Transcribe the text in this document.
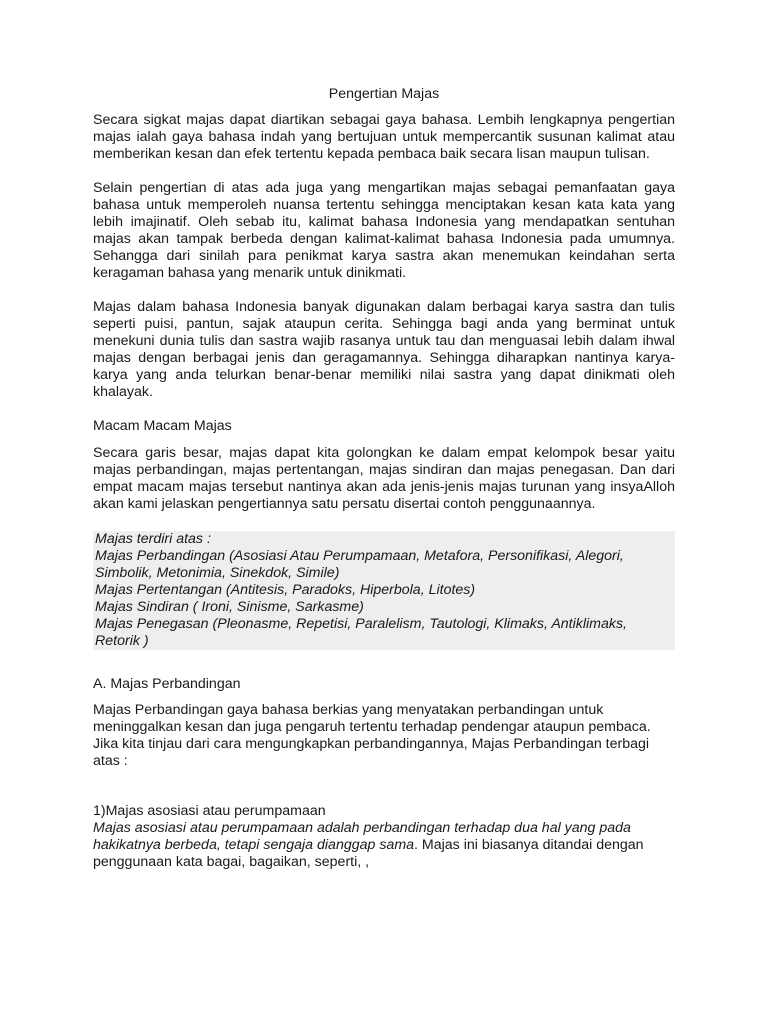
Pengertian Majas

Secara sigkat majas dapat diartikan sebagai gaya bahasa. Lembih lengkapnya pengertian majas ialah gaya bahasa indah yang bertujuan untuk mempercantik susunan kalimat atau memberikan kesan dan efek tertentu kepada pembaca baik secara lisan maupun tulisan.

Selain pengertian di atas ada juga yang mengartikan majas sebagai pemanfaatan gaya bahasa untuk memperoleh nuansa tertentu sehingga menciptakan kesan kata kata yang lebih imajinatif. Oleh sebab itu, kalimat bahasa Indonesia yang mendapatkan sentuhan majas akan tampak berbeda dengan kalimat-kalimat bahasa Indonesia pada umumnya. Sehangga dari sinilah para penikmat karya sastra akan menemukan keindahan serta keragaman bahasa yang menarik untuk dinikmati.

Majas dalam bahasa Indonesia banyak digunakan dalam berbagai karya sastra dan tulis seperti puisi, pantun, sajak ataupun cerita. Sehingga bagi anda yang berminat untuk menekuni dunia tulis dan sastra wajib rasanya untuk tau dan menguasai lebih dalam ihwal majas dengan berbagai jenis dan geragamannya. Sehingga diharapkan nantinya karya-karya yang anda telurkan benar-benar memiliki nilai sastra yang dapat dinikmati oleh khalayak.

Macam Macam Majas

Secara garis besar, majas dapat kita golongkan ke dalam empat kelompok besar yaitu majas perbandingan, majas pertentangan, majas sindiran dan majas penegasan. Dan dari empat macam majas tersebut nantinya akan ada jenis-jenis majas turunan yang insyaAlloh akan kami jelaskan pengertiannya satu persatu disertai contoh penggunaannya.

Majas terdiri atas :
Majas Perbandingan (Asosiasi Atau Perumpamaan, Metafora, Personifikasi, Alegori, Simbolik, Metonimia, Sinekdok, Simile)
Majas Pertentangan (Antitesis, Paradoks, Hiperbola, Litotes)
Majas Sindiran ( Ironi, Sinisme, Sarkasme)
Majas Penegasan (Pleonasme, Repetisi, Paralelism, Tautologi, Klimaks, Antiklimaks, Retorik )
A. Majas Perbandingan

Majas Perbandingan gaya bahasa berkias yang menyatakan perbandingan untuk meninggalkan kesan dan juga pengaruh tertentu terhadap pendengar ataupun pembaca. Jika kita tinjau dari cara mengungkapkan perbandingannya, Majas Perbandingan terbagi atas :

1)Majas asosiasi atau perumpamaan

Majas asosiasi atau perumpamaan adalah perbandingan terhadap dua hal yang pada hakikatnya berbeda, tetapi sengaja dianggap sama. Majas ini biasanya ditandai dengan penggunaan kata bagai, bagaikan, seperti, ,
